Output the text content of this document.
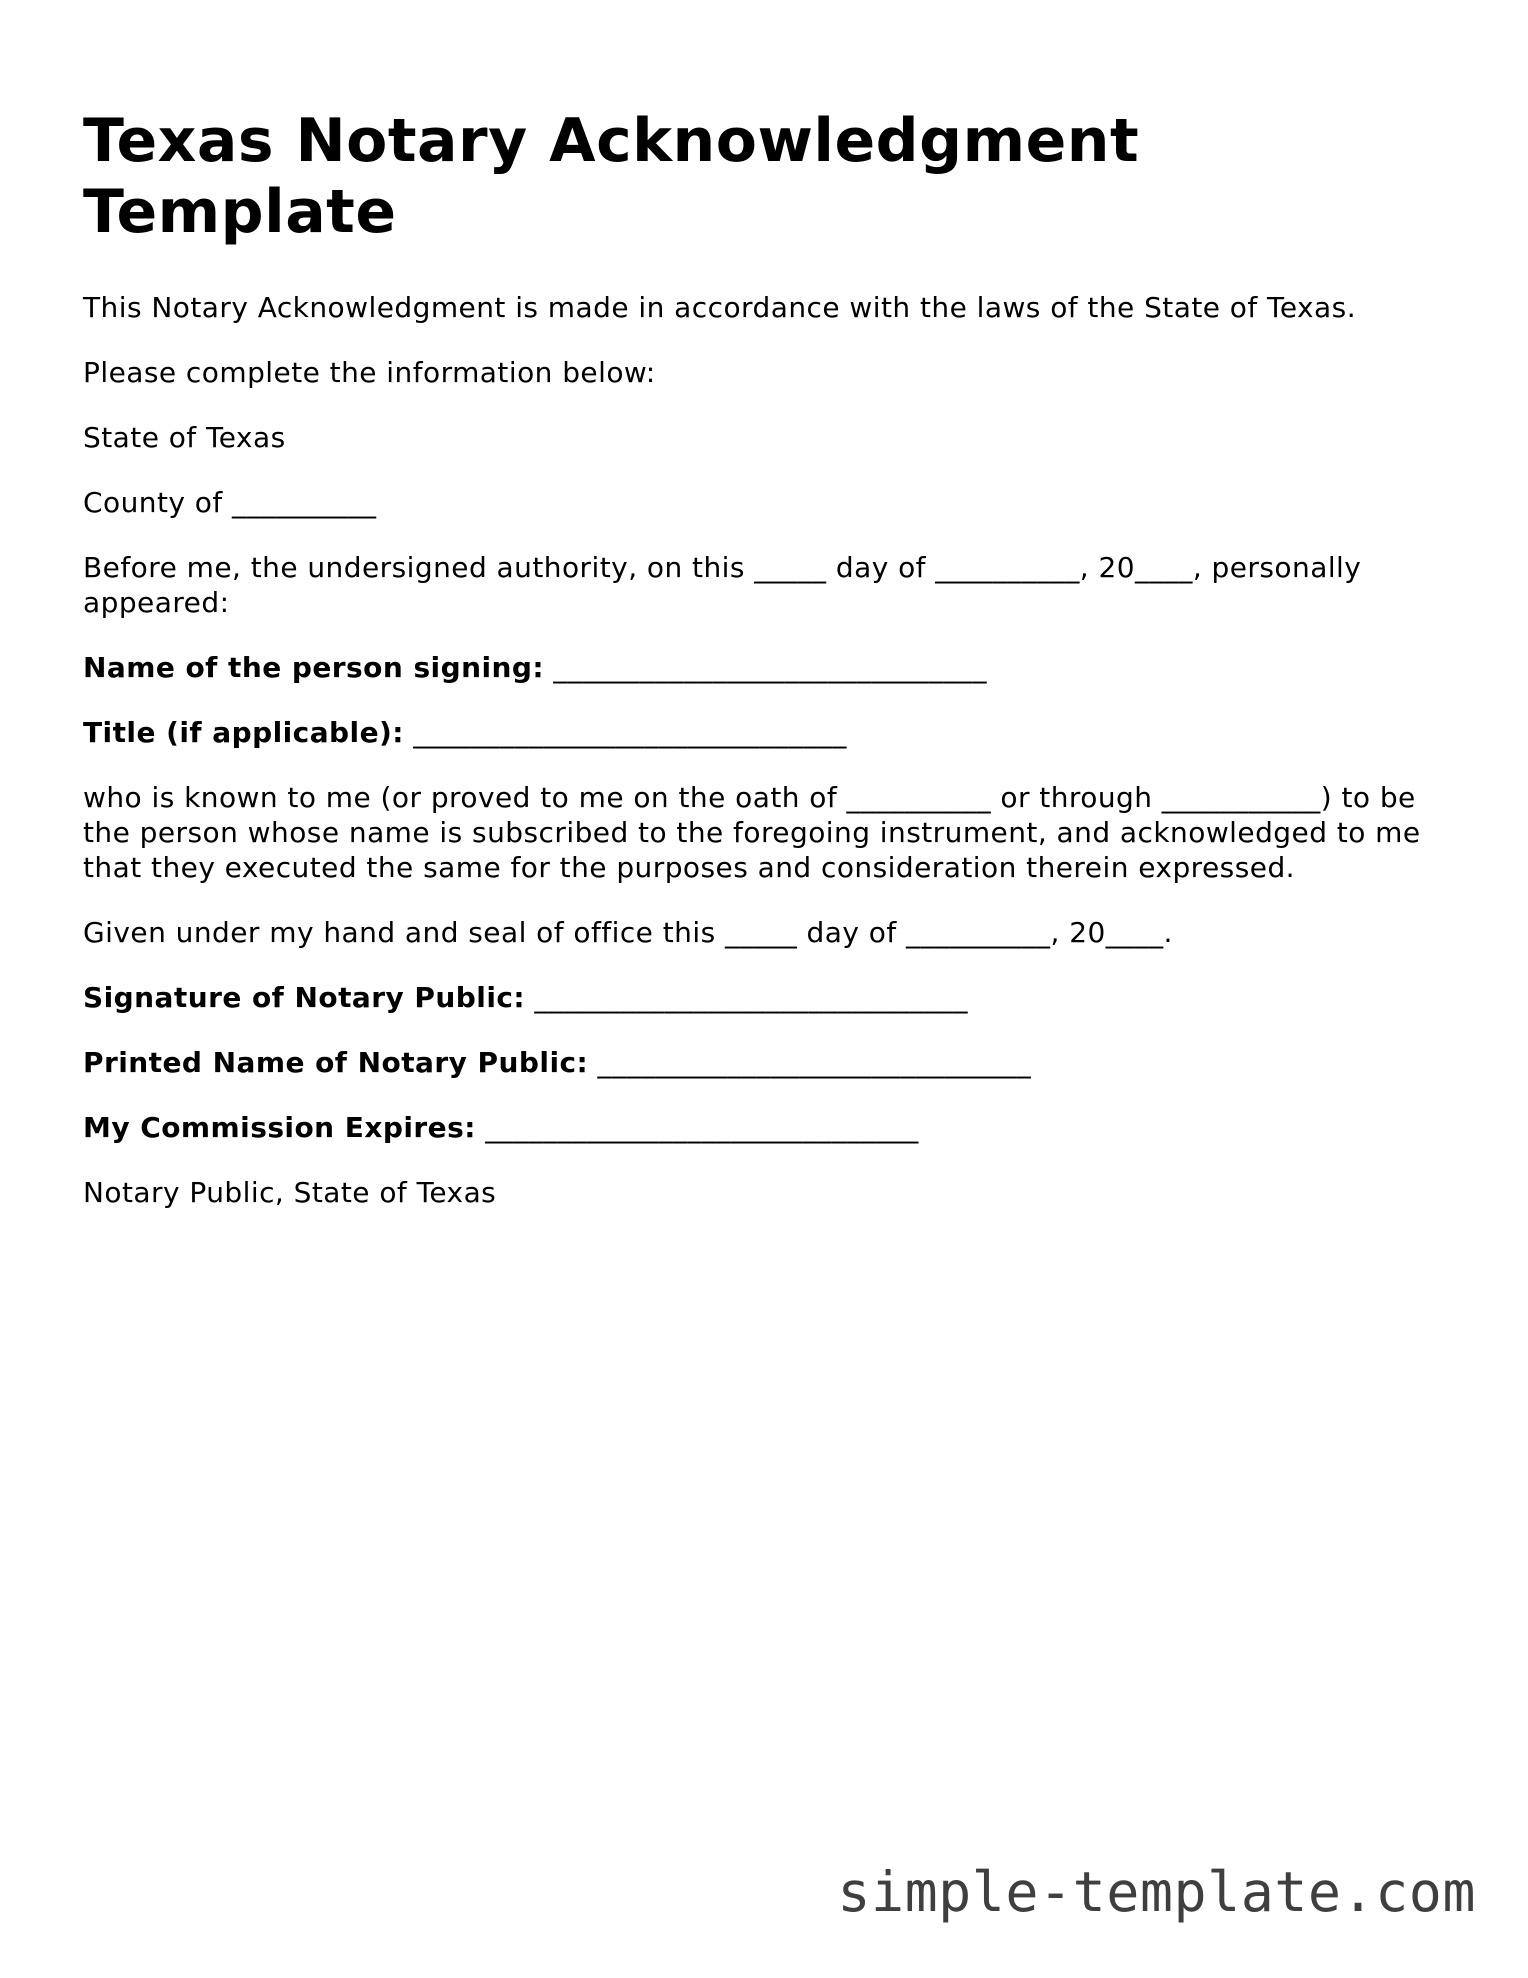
Texas Notary Acknowledgment Template

This Notary Acknowledgment is made in accordance with the laws of the State of Texas.

Please complete the information below:

State of Texas

County of __________

Before me, the undersigned authority, on this _____ day of __________, 20____, personally appeared:

Name of the person signing: ______________________________

Title (if applicable): ______________________________

who is known to me (or proved to me on the oath of __________ or through ___________) to be the person whose name is subscribed to the foregoing instrument, and acknowledged to me that they executed the same for the purposes and consideration therein expressed.

Given under my hand and seal of office this _____ day of __________, 20____.

Signature of Notary Public: ______________________________

Printed Name of Notary Public: ______________________________

My Commission Expires: ______________________________

Notary Public, State of Texas

simple-template.com
